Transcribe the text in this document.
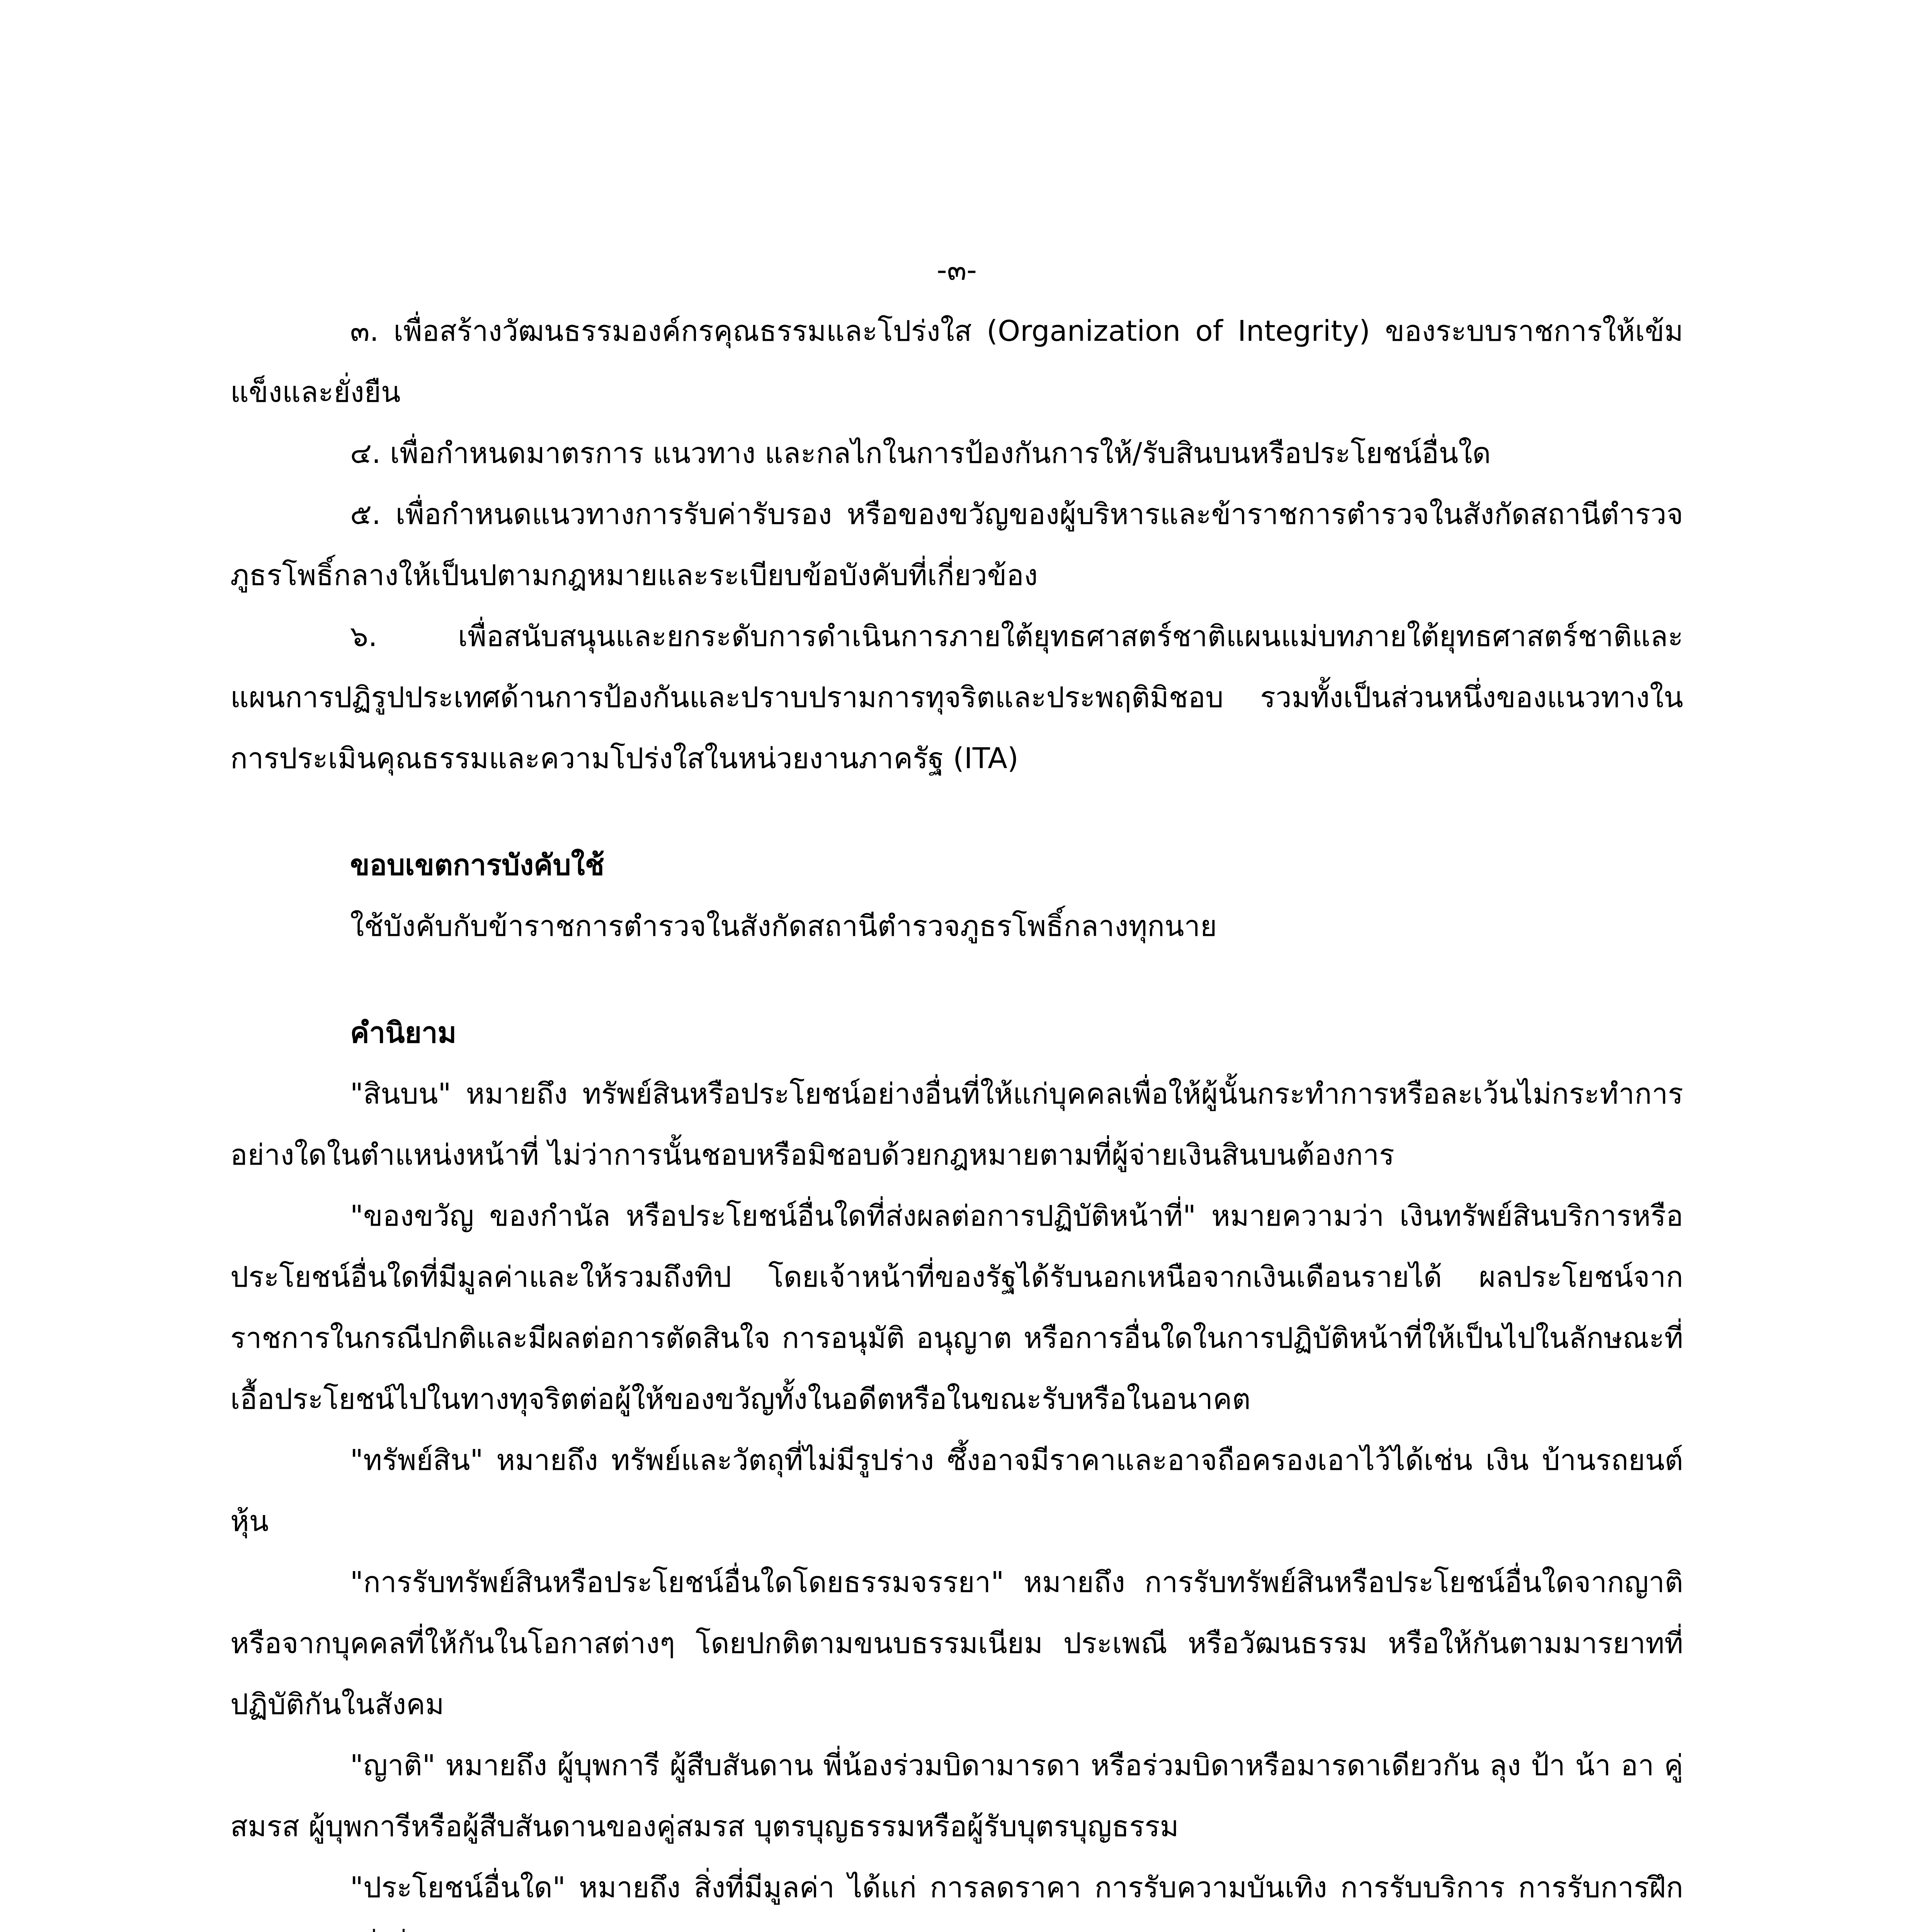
-๓-

๓. เพื่อสร้างวัฒนธรรมองค์กรคุณธรรมและโปร่งใส (Organization of Integrity) ของระบบราชการให้เข้มแข็งและยั่งยืน

๔. เพื่อกำหนดมาตรการ แนวทาง และกลไกในการป้องกันการให้/รับสินบนหรือประโยชน์อื่นใด

๕. เพื่อกำหนดแนวทางการรับค่ารับรอง หรือของขวัญของผู้บริหารและข้าราชการตำรวจในสังกัดสถานีตำรวจภูธรโพธิ์กลางให้เป็นปตามกฎหมายและระเบียบข้อบังคับที่เกี่ยวข้อง

๖. เพื่อสนับสนุนและยกระดับการดำเนินการภายใต้ยุทธศาสตร์ชาติแผนแม่บทภายใต้ยุทธศาสตร์ชาติและแผนการปฏิรูปประเทศด้านการป้องกันและปราบปรามการทุจริตและประพฤติมิชอบ รวมทั้งเป็นส่วนหนึ่งของแนวทางในการประเมินคุณธรรมและความโปร่งใสในหน่วยงานภาครัฐ (ITA)

ขอบเขตการบังคับใช้

ใช้บังคับกับข้าราชการตำรวจในสังกัดสถานีตำรวจภูธรโพธิ์กลางทุกนาย

คำนิยาม

"สินบน" หมายถึง ทรัพย์สินหรือประโยชน์อย่างอื่นที่ให้แก่บุคคลเพื่อให้ผู้นั้นกระทำการหรือละเว้นไม่กระทำการอย่างใดในตำแหน่งหน้าที่ ไม่ว่าการนั้นชอบหรือมิชอบด้วยกฎหมายตามที่ผู้จ่ายเงินสินบนต้องการ

"ของขวัญ ของกำนัล หรือประโยชน์อื่นใดที่ส่งผลต่อการปฏิบัติหน้าที่" หมายความว่า เงินทรัพย์สินบริการหรือประโยชน์อื่นใดที่มีมูลค่าและให้รวมถึงทิป โดยเจ้าหน้าที่ของรัฐได้รับนอกเหนือจากเงินเดือนรายได้ ผลประโยชน์จากราชการในกรณีปกติและมีผลต่อการตัดสินใจ การอนุมัติ อนุญาต หรือการอื่นใดในการปฏิบัติหน้าที่ให้เป็นไปในลักษณะที่เอื้อประโยชน์ไปในทางทุจริตต่อผู้ให้ของขวัญทั้งในอดีตหรือในขณะรับหรือในอนาคต

"ทรัพย์สิน" หมายถึง ทรัพย์และวัตถุที่ไม่มีรูปร่าง ซึ้งอาจมีราคาและอาจถือครองเอาไว้ได้เช่น เงิน บ้านรถยนต์ หุ้น

"การรับทรัพย์สินหรือประโยชน์อื่นใดโดยธรรมจรรยา" หมายถึง การรับทรัพย์สินหรือประโยชน์อื่นใดจากญาติหรือจากบุคคลที่ให้กันในโอกาสต่างๆ โดยปกติตามขนบธรรมเนียม ประเพณี หรือวัฒนธรรม หรือให้กันตามมารยาทที่ปฏิบัติกันในสังคม

"ญาติ" หมายถึง ผู้บุพการี ผู้สืบสันดาน พี่น้องร่วมบิดามารดา หรือร่วมบิดาหรือมารดาเดียวกัน ลุง ป้า น้า อา คู่สมรส ผู้บุพการีหรือผู้สืบสันดานของคู่สมรส บุตรบุญธรรมหรือผู้รับบุตรบุญธรรม

"ประโยชน์อื่นใด" หมายถึง สิ่งที่มีมูลค่า ได้แก่ การลดราคา การรับความบันเทิง การรับบริการ การรับการฝึก
